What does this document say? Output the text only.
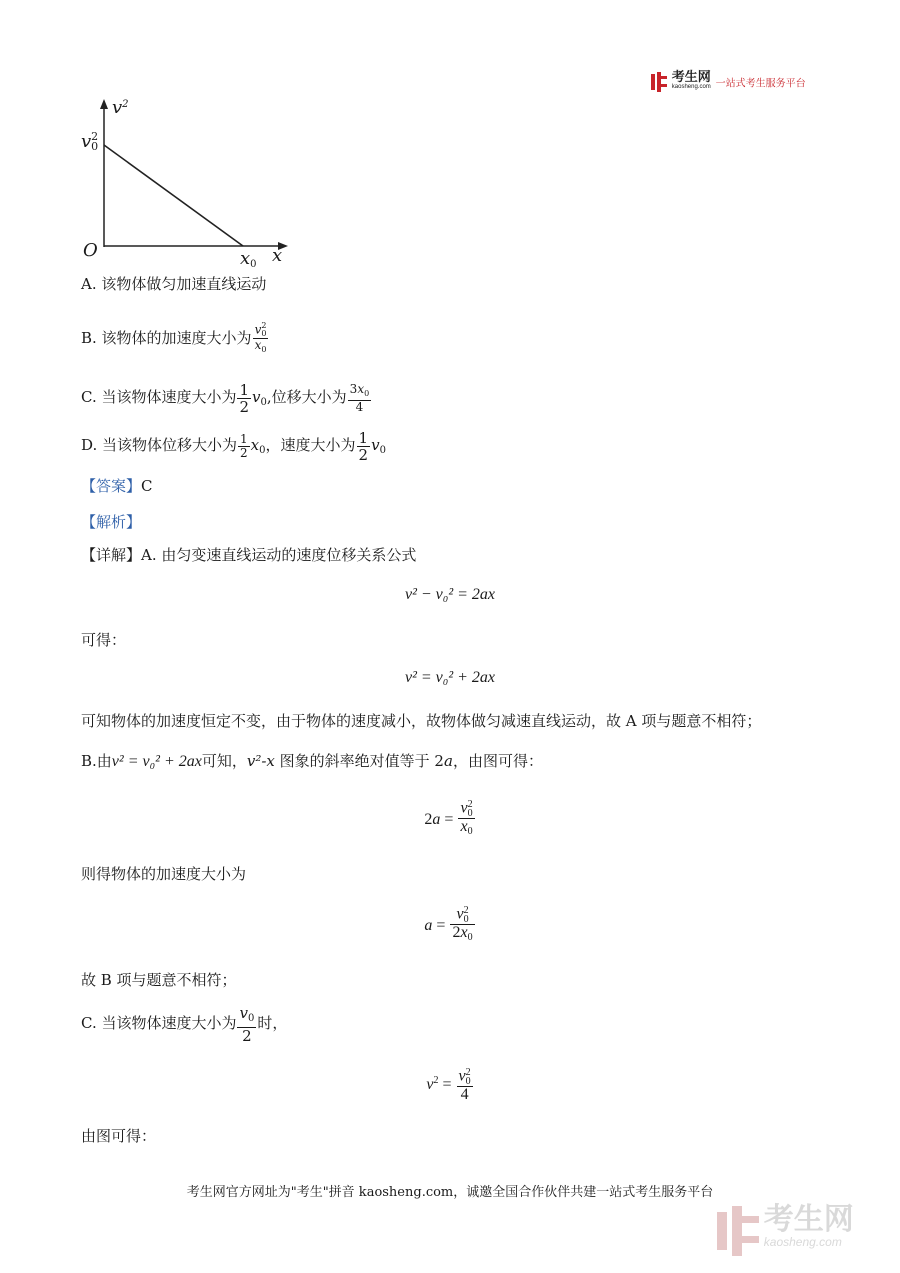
考生网
kaosheng.com 一站式考生服务平台
$v^2$
v 2
0
O	$x_0$ x
A. 该物体做匀加速直线运动
B. 该物体的加速度大小为 v 2
0
$x_0$
C. 当该物体速度大小为 $\frac{1}{2} v_0$,位移大小为 $\frac{3x_0}{4}$
D. 当该物体位移大小为 $\frac{1}{2} x_0$，速度大小为 $\frac{1}{2} v_0$
【答案】C
【解析】
【详解】A. 由匀变速直线运动的速度位移关系公式
v² − v₀² = 2ax
可得：
v² = v₀² + 2ax
可知物体的加速度恒定不变，由于物体的速度减小，故物体做匀减速直线运动，故 A 项与题意不相符；
B.由v² = v₀² + 2ax可知，v²-x 图象的斜率绝对值等于 2a，由图可得：
2a = v 2
0
$x_0$
则得物体的加速度大小为
a = v 2
0
$2x_0$
故 B 项与题意不相符；
C. 当该物体速度大小为 $\frac{v_0}{2}$ 时，
$v^2 = v$ 2
0
4
由图可得：
考生网官方网址为"考生"拼音 kaosheng.com，诚邀全国合作伙伴共建一站式考生服务平台

考生网
kaosheng.com
